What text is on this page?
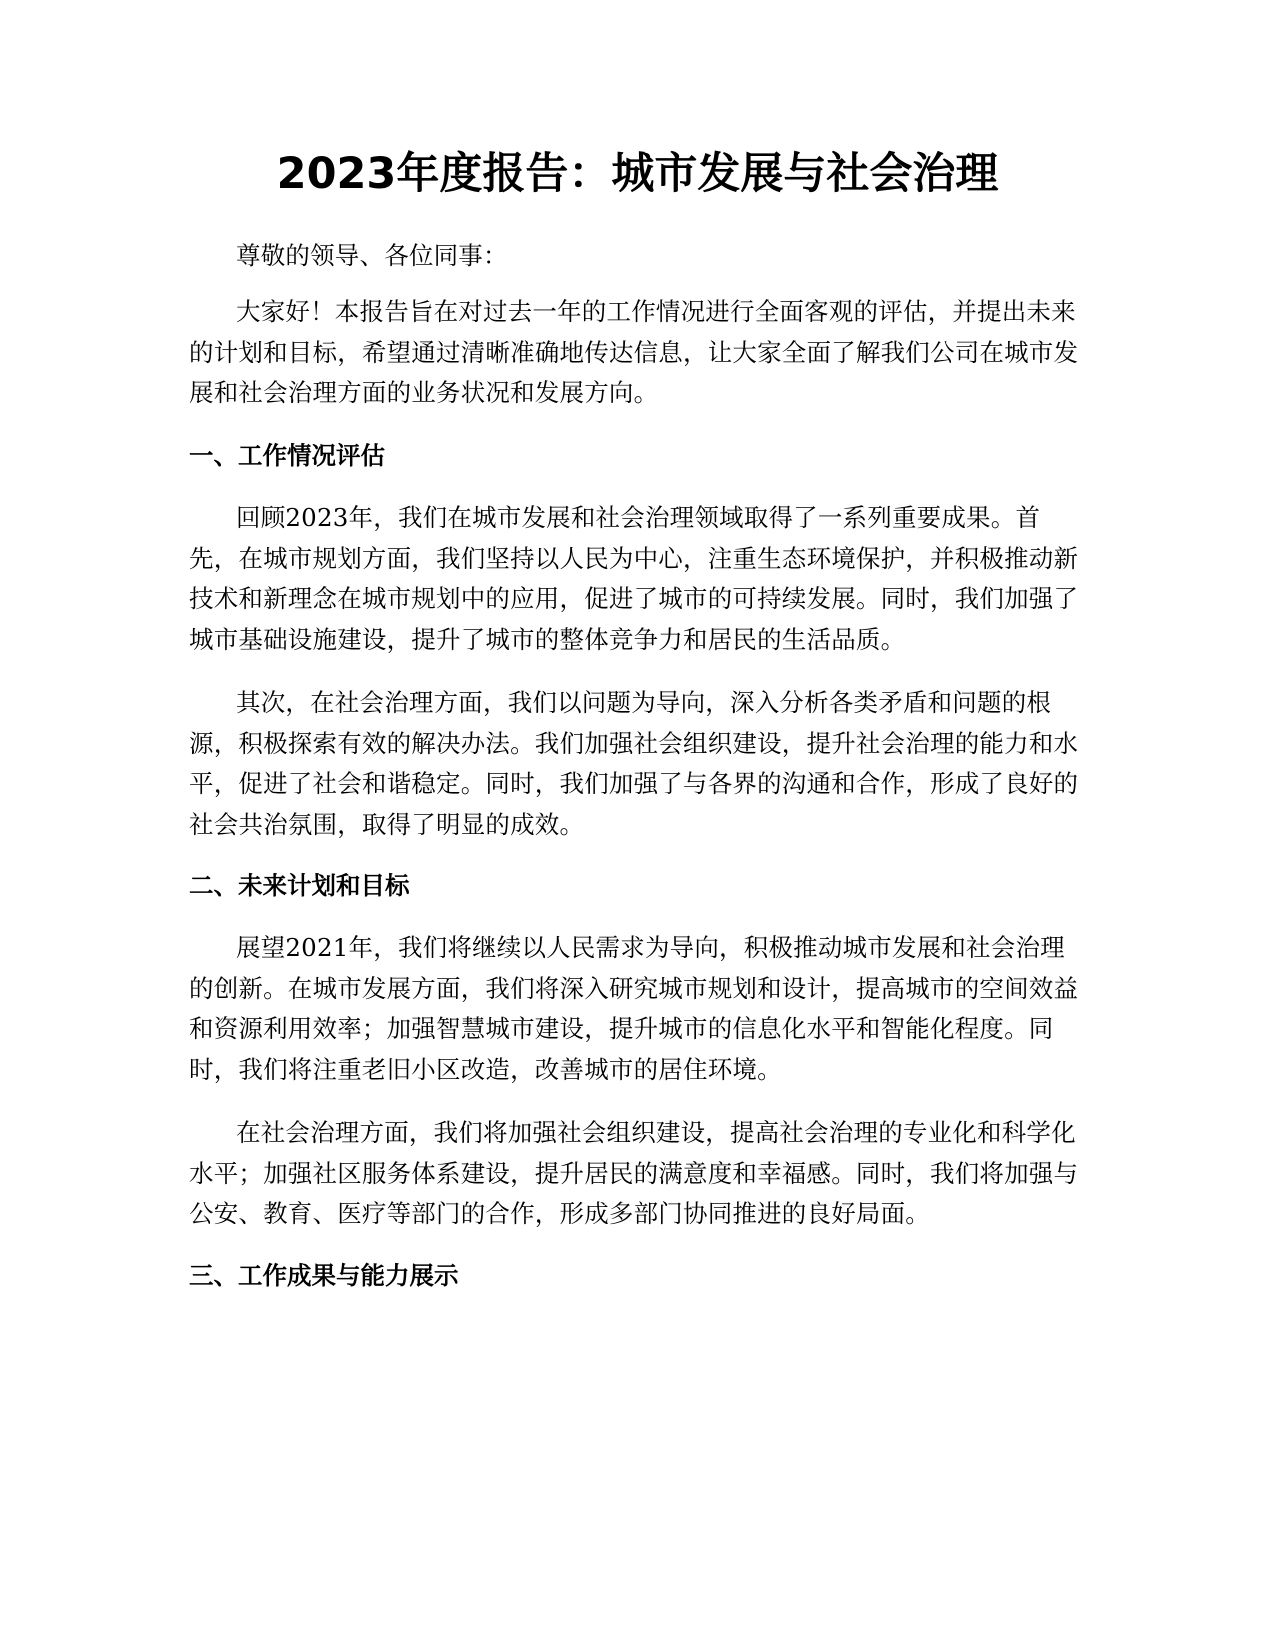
2023年度报告：城市发展与社会治理

尊敬的领导、各位同事：

大家好！本报告旨在对过去一年的工作情况进行全面客观的评估，并提出未来的计划和目标，希望通过清晰准确地传达信息，让大家全面了解我们公司在城市发展和社会治理方面的业务状况和发展方向。

一、工作情况评估

回顾2023年，我们在城市发展和社会治理领域取得了一系列重要成果。首先，在城市规划方面，我们坚持以人民为中心，注重生态环境保护，并积极推动新技术和新理念在城市规划中的应用，促进了城市的可持续发展。同时，我们加强了城市基础设施建设，提升了城市的整体竞争力和居民的生活品质。

其次，在社会治理方面，我们以问题为导向，深入分析各类矛盾和问题的根源，积极探索有效的解决办法。我们加强社会组织建设，提升社会治理的能力和水平，促进了社会和谐稳定。同时，我们加强了与各界的沟通和合作，形成了良好的社会共治氛围，取得了明显的成效。

二、未来计划和目标

展望2021年，我们将继续以人民需求为导向，积极推动城市发展和社会治理的创新。在城市发展方面，我们将深入研究城市规划和设计，提高城市的空间效益和资源利用效率；加强智慧城市建设，提升城市的信息化水平和智能化程度。同时，我们将注重老旧小区改造，改善城市的居住环境。

在社会治理方面，我们将加强社会组织建设，提高社会治理的专业化和科学化水平；加强社区服务体系建设，提升居民的满意度和幸福感。同时，我们将加强与公安、教育、医疗等部门的合作，形成多部门协同推进的良好局面。

三、工作成果与能力展示
